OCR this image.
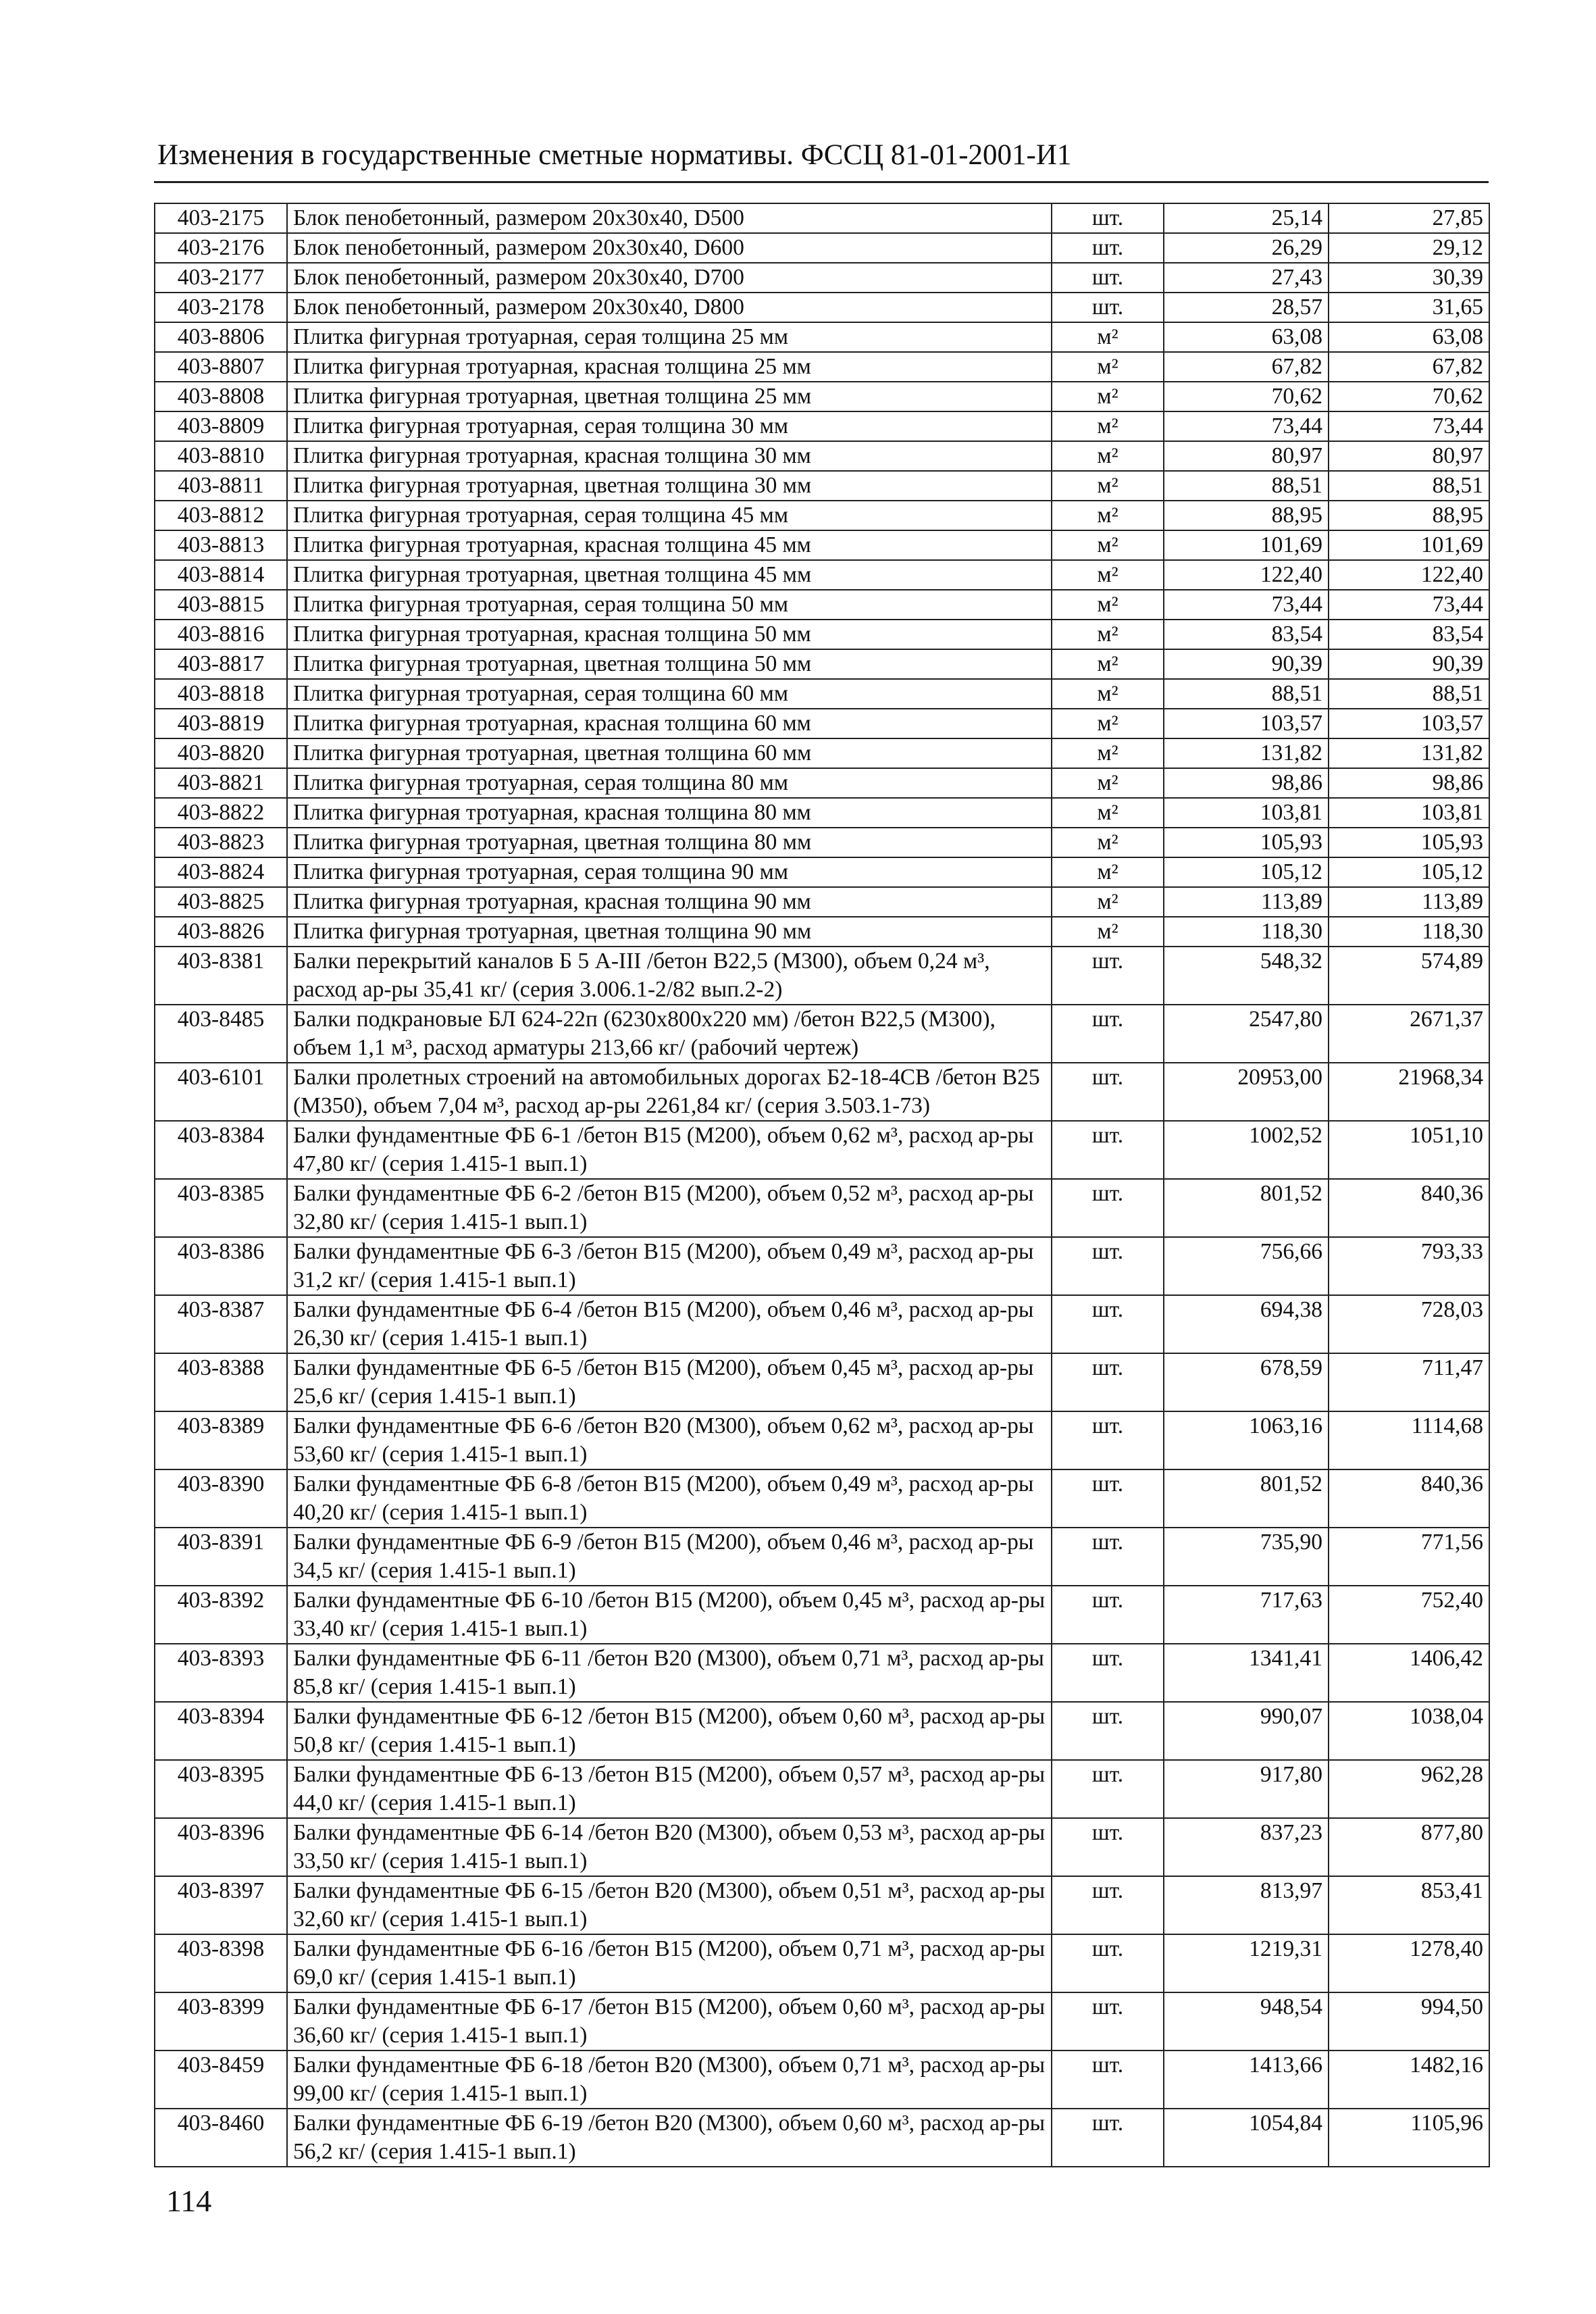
Изменения в государственные сметные нормативы. ФССЦ 81-01-2001-И1
403-2175	Блок пенобетонный, размером 20х30х40, D500	шт.	25,14	27,85
403-2176	Блок пенобетонный, размером 20х30х40, D600	шт.	26,29	29,12
403-2177	Блок пенобетонный, размером 20х30х40, D700	шт.	27,43	30,39
403-2178	Блок пенобетонный, размером 20х30х40, D800	шт.	28,57	31,65
403-8806	Плитка фигурная тротуарная, серая толщина 25 мм	м²	63,08	63,08
403-8807	Плитка фигурная тротуарная, красная толщина 25 мм	м²	67,82	67,82
403-8808	Плитка фигурная тротуарная, цветная толщина 25 мм	м²	70,62	70,62
403-8809	Плитка фигурная тротуарная, серая толщина 30 мм	м²	73,44	73,44
403-8810	Плитка фигурная тротуарная, красная толщина 30 мм	м²	80,97	80,97
403-8811	Плитка фигурная тротуарная, цветная толщина 30 мм	м²	88,51	88,51
403-8812	Плитка фигурная тротуарная, серая толщина 45 мм	м²	88,95	88,95
403-8813	Плитка фигурная тротуарная, красная толщина 45 мм	м²	101,69	101,69
403-8814	Плитка фигурная тротуарная, цветная толщина 45 мм	м²	122,40	122,40
403-8815	Плитка фигурная тротуарная, серая толщина 50 мм	м²	73,44	73,44
403-8816	Плитка фигурная тротуарная, красная толщина 50 мм	м²	83,54	83,54
403-8817	Плитка фигурная тротуарная, цветная толщина 50 мм	м²	90,39	90,39
403-8818	Плитка фигурная тротуарная, серая толщина 60 мм	м²	88,51	88,51
403-8819	Плитка фигурная тротуарная, красная толщина 60 мм	м²	103,57	103,57
403-8820	Плитка фигурная тротуарная, цветная толщина 60 мм	м²	131,82	131,82
403-8821	Плитка фигурная тротуарная, серая толщина 80 мм	м²	98,86	98,86
403-8822	Плитка фигурная тротуарная, красная толщина 80 мм	м²	103,81	103,81
403-8823	Плитка фигурная тротуарная, цветная толщина 80 мм	м²	105,93	105,93
403-8824	Плитка фигурная тротуарная, серая толщина 90 мм	м²	105,12	105,12
403-8825	Плитка фигурная тротуарная, красная толщина 90 мм	м²	113,89	113,89
403-8826	Плитка фигурная тротуарная, цветная толщина 90 мм	м²	118,30	118,30
403-8381	Балки перекрытий каналов Б 5 А-III /бетон В22,5 (М300), объем 0,24 м³, расход ар-ры 35,41 кг/ (серия 3.006.1-2/82 вып.2-2)	шт.	548,32	574,89
403-8485	Балки подкрановые БЛ 624-22п (6230х800х220 мм) /бетон В22,5 (М300), объем 1,1 м³, расход арматуры 213,66 кг/ (рабочий чертеж)	шт.	2547,80	2671,37
403-6101	Балки пролетных строений на автомобильных дорогах Б2-18-4СВ /бетон В25 (М350), объем 7,04 м³, расход ар-ры 2261,84 кг/ (серия 3.503.1-73)	шт.	20953,00	21968,34
403-8384	Балки фундаментные ФБ 6-1 /бетон В15 (М200), объем 0,62 м³, расход ар-ры 47,80 кг/ (серия 1.415-1 вып.1)	шт.	1002,52	1051,10
403-8385	Балки фундаментные ФБ 6-2 /бетон В15 (М200), объем 0,52 м³, расход ар-ры 32,80 кг/ (серия 1.415-1 вып.1)	шт.	801,52	840,36
403-8386	Балки фундаментные ФБ 6-3 /бетон В15 (М200), объем 0,49 м³, расход ар-ры 31,2 кг/ (серия 1.415-1 вып.1)	шт.	756,66	793,33
403-8387	Балки фундаментные ФБ 6-4 /бетон В15 (М200), объем 0,46 м³, расход ар-ры 26,30 кг/ (серия 1.415-1 вып.1)	шт.	694,38	728,03
403-8388	Балки фундаментные ФБ 6-5 /бетон В15 (М200), объем 0,45 м³, расход ар-ры 25,6 кг/ (серия 1.415-1 вып.1)	шт.	678,59	711,47
403-8389	Балки фундаментные ФБ 6-6 /бетон В20 (М300), объем 0,62 м³, расход ар-ры 53,60 кг/ (серия 1.415-1 вып.1)	шт.	1063,16	1114,68
403-8390	Балки фундаментные ФБ 6-8 /бетон В15 (М200), объем 0,49 м³, расход ар-ры 40,20 кг/ (серия 1.415-1 вып.1)	шт.	801,52	840,36
403-8391	Балки фундаментные ФБ 6-9 /бетон В15 (М200), объем 0,46 м³, расход ар-ры 34,5 кг/ (серия 1.415-1 вып.1)	шт.	735,90	771,56
403-8392	Балки фундаментные ФБ 6-10 /бетон В15 (М200), объем 0,45 м³, расход ар-ры 33,40 кг/ (серия 1.415-1 вып.1)	шт.	717,63	752,40
403-8393	Балки фундаментные ФБ 6-11 /бетон В20 (М300), объем 0,71 м³, расход ар-ры 85,8 кг/ (серия 1.415-1 вып.1)	шт.	1341,41	1406,42
403-8394	Балки фундаментные ФБ 6-12 /бетон В15 (М200), объем 0,60 м³, расход ар-ры 50,8 кг/ (серия 1.415-1 вып.1)	шт.	990,07	1038,04
403-8395	Балки фундаментные ФБ 6-13 /бетон В15 (М200), объем 0,57 м³, расход ар-ры 44,0 кг/ (серия 1.415-1 вып.1)	шт.	917,80	962,28
403-8396	Балки фундаментные ФБ 6-14 /бетон В20 (М300), объем 0,53 м³, расход ар-ры 33,50 кг/ (серия 1.415-1 вып.1)	шт.	837,23	877,80
403-8397	Балки фундаментные ФБ 6-15 /бетон В20 (М300), объем 0,51 м³, расход ар-ры 32,60 кг/ (серия 1.415-1 вып.1)	шт.	813,97	853,41
403-8398	Балки фундаментные ФБ 6-16 /бетон В15 (М200), объем 0,71 м³, расход ар-ры 69,0 кг/ (серия 1.415-1 вып.1)	шт.	1219,31	1278,40
403-8399	Балки фундаментные ФБ 6-17 /бетон В15 (М200), объем 0,60 м³, расход ар-ры 36,60 кг/ (серия 1.415-1 вып.1)	шт.	948,54	994,50
403-8459	Балки фундаментные ФБ 6-18 /бетон В20 (М300), объем 0,71 м³, расход ар-ры 99,00 кг/ (серия 1.415-1 вып.1)	шт.	1413,66	1482,16
403-8460	Балки фундаментные ФБ 6-19 /бетон В20 (М300), объем 0,60 м³, расход ар-ры 56,2 кг/ (серия 1.415-1 вып.1)	шт.	1054,84	1105,96
114
